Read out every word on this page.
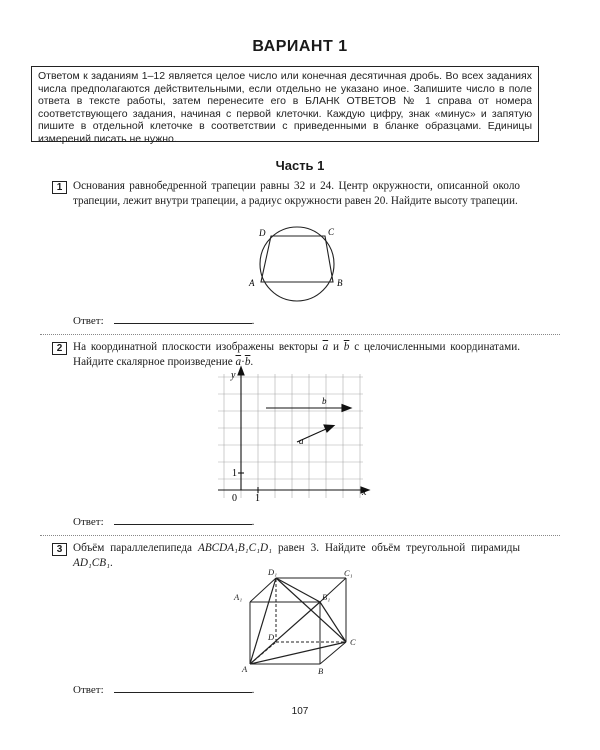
ВАРИАНТ 1
Ответом к заданиям 1–12 является целое число или конечная десятичная дробь. Во всех заданиях числа предполагаются действительными, если отдельно не указано иное. Запишите число в поле ответа в тексте работы, затем перенесите его в БЛАНК ОТВЕТОВ № 1 справа от номера соответствующего задания, начиная с первой клеточки. Каждую цифру, знак «минус» и запятую пишите в отдельной клеточке в соответствии с приведенными в бланке образцами. Единицы измерений писать не нужно.
Часть 1
1 Основания равнобедренной трапеции равны 32 и 24. Центр окружности, описанной около трапеции, лежит внутри трапеции, а радиус окружности равен 20. Найдите высоту трапеции.
D	C
A	B
Ответ:	.
2 На координатной плоскости изображены векторы $\overline{a}$ и $\overline{b}$ с целочисленными координатами. Найдите скалярное произведение $\overline{a}\cdot\overline{b}$.
y
x
0 1
1
b
a
Ответ:	.
3 Объём параллелепипеда ABCDA₁B₁C₁D₁ равен 3. Найдите объём треугольной пирамиды AD₁CB₁.
A	B
C
D
A₁	B₁
C₁
D₁
Ответ:	.
107
